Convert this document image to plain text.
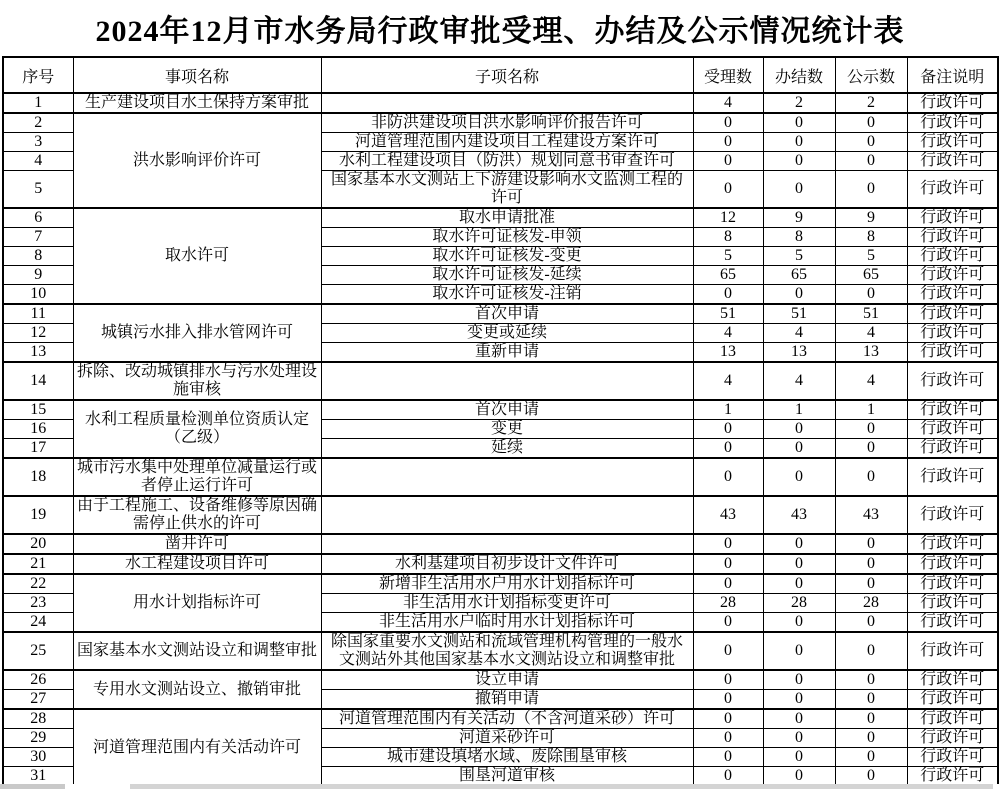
2024年12月市水务局行政审批受理、办结及公示情况统计表
序号	事项名称	子项名称	受理数	办结数	公示数	备注说明
1	生产建设项目水土保持方案审批		4	2	2	行政许可
2	洪水影响评价许可	非防洪建设项目洪水影响评价报告许可	0	0	0	行政许可
3		河道管理范围内建设项目工程建设方案许可	0	0	0	行政许可
4		水利工程建设项目（防洪）规划同意书审查许可	0	0	0	行政许可
5		国家基本水文测站上下游建设影响水文监测工程的许可	0	0	0	行政许可
6	取水许可	取水申请批准	12	9	9	行政许可
7		取水许可证核发-申领	8	8	8	行政许可
8		取水许可证核发-变更	5	5	5	行政许可
9		取水许可证核发-延续	65	65	65	行政许可
10		取水许可证核发-注销	0	0	0	行政许可
11	城镇污水排入排水管网许可	首次申请	51	51	51	行政许可
12		变更或延续	4	4	4	行政许可
13		重新申请	13	13	13	行政许可
14	拆除、改动城镇排水与污水处理设施审核		4	4	4	行政许可
15	水利工程质量检测单位资质认定（乙级）	首次申请	1	1	1	行政许可
16		变更	0	0	0	行政许可
17		延续	0	0	0	行政许可
18	城市污水集中处理单位减量运行或者停止运行许可		0	0	0	行政许可
19	由于工程施工、设备维修等原因确需停止供水的许可		43	43	43	行政许可
20	凿井许可		0	0	0	行政许可
21	水工程建设项目许可	水利基建项目初步设计文件许可	0	0	0	行政许可
22	用水计划指标许可	新增非生活用水户用水计划指标许可	0	0	0	行政许可
23		非生活用水计划指标变更许可	28	28	28	行政许可
24		非生活用水户临时用水计划指标许可	0	0	0	行政许可
25	国家基本水文测站设立和调整审批	除国家重要水文测站和流域管理机构管理的一般水文测站外其他国家基本水文测站设立和调整审批	0	0	0	行政许可
26	专用水文测站设立、撤销审批	设立申请	0	0	0	行政许可
27		撤销申请	0	0	0	行政许可
28	河道管理范围内有关活动许可	河道管理范围内有关活动（不含河道采砂）许可	0	0	0	行政许可
29		河道采砂许可	0	0	0	行政许可
30		城市建设填堵水域、废除围垦审核	0	0	0	行政许可
31		围垦河道审核	0	0	0	行政许可
